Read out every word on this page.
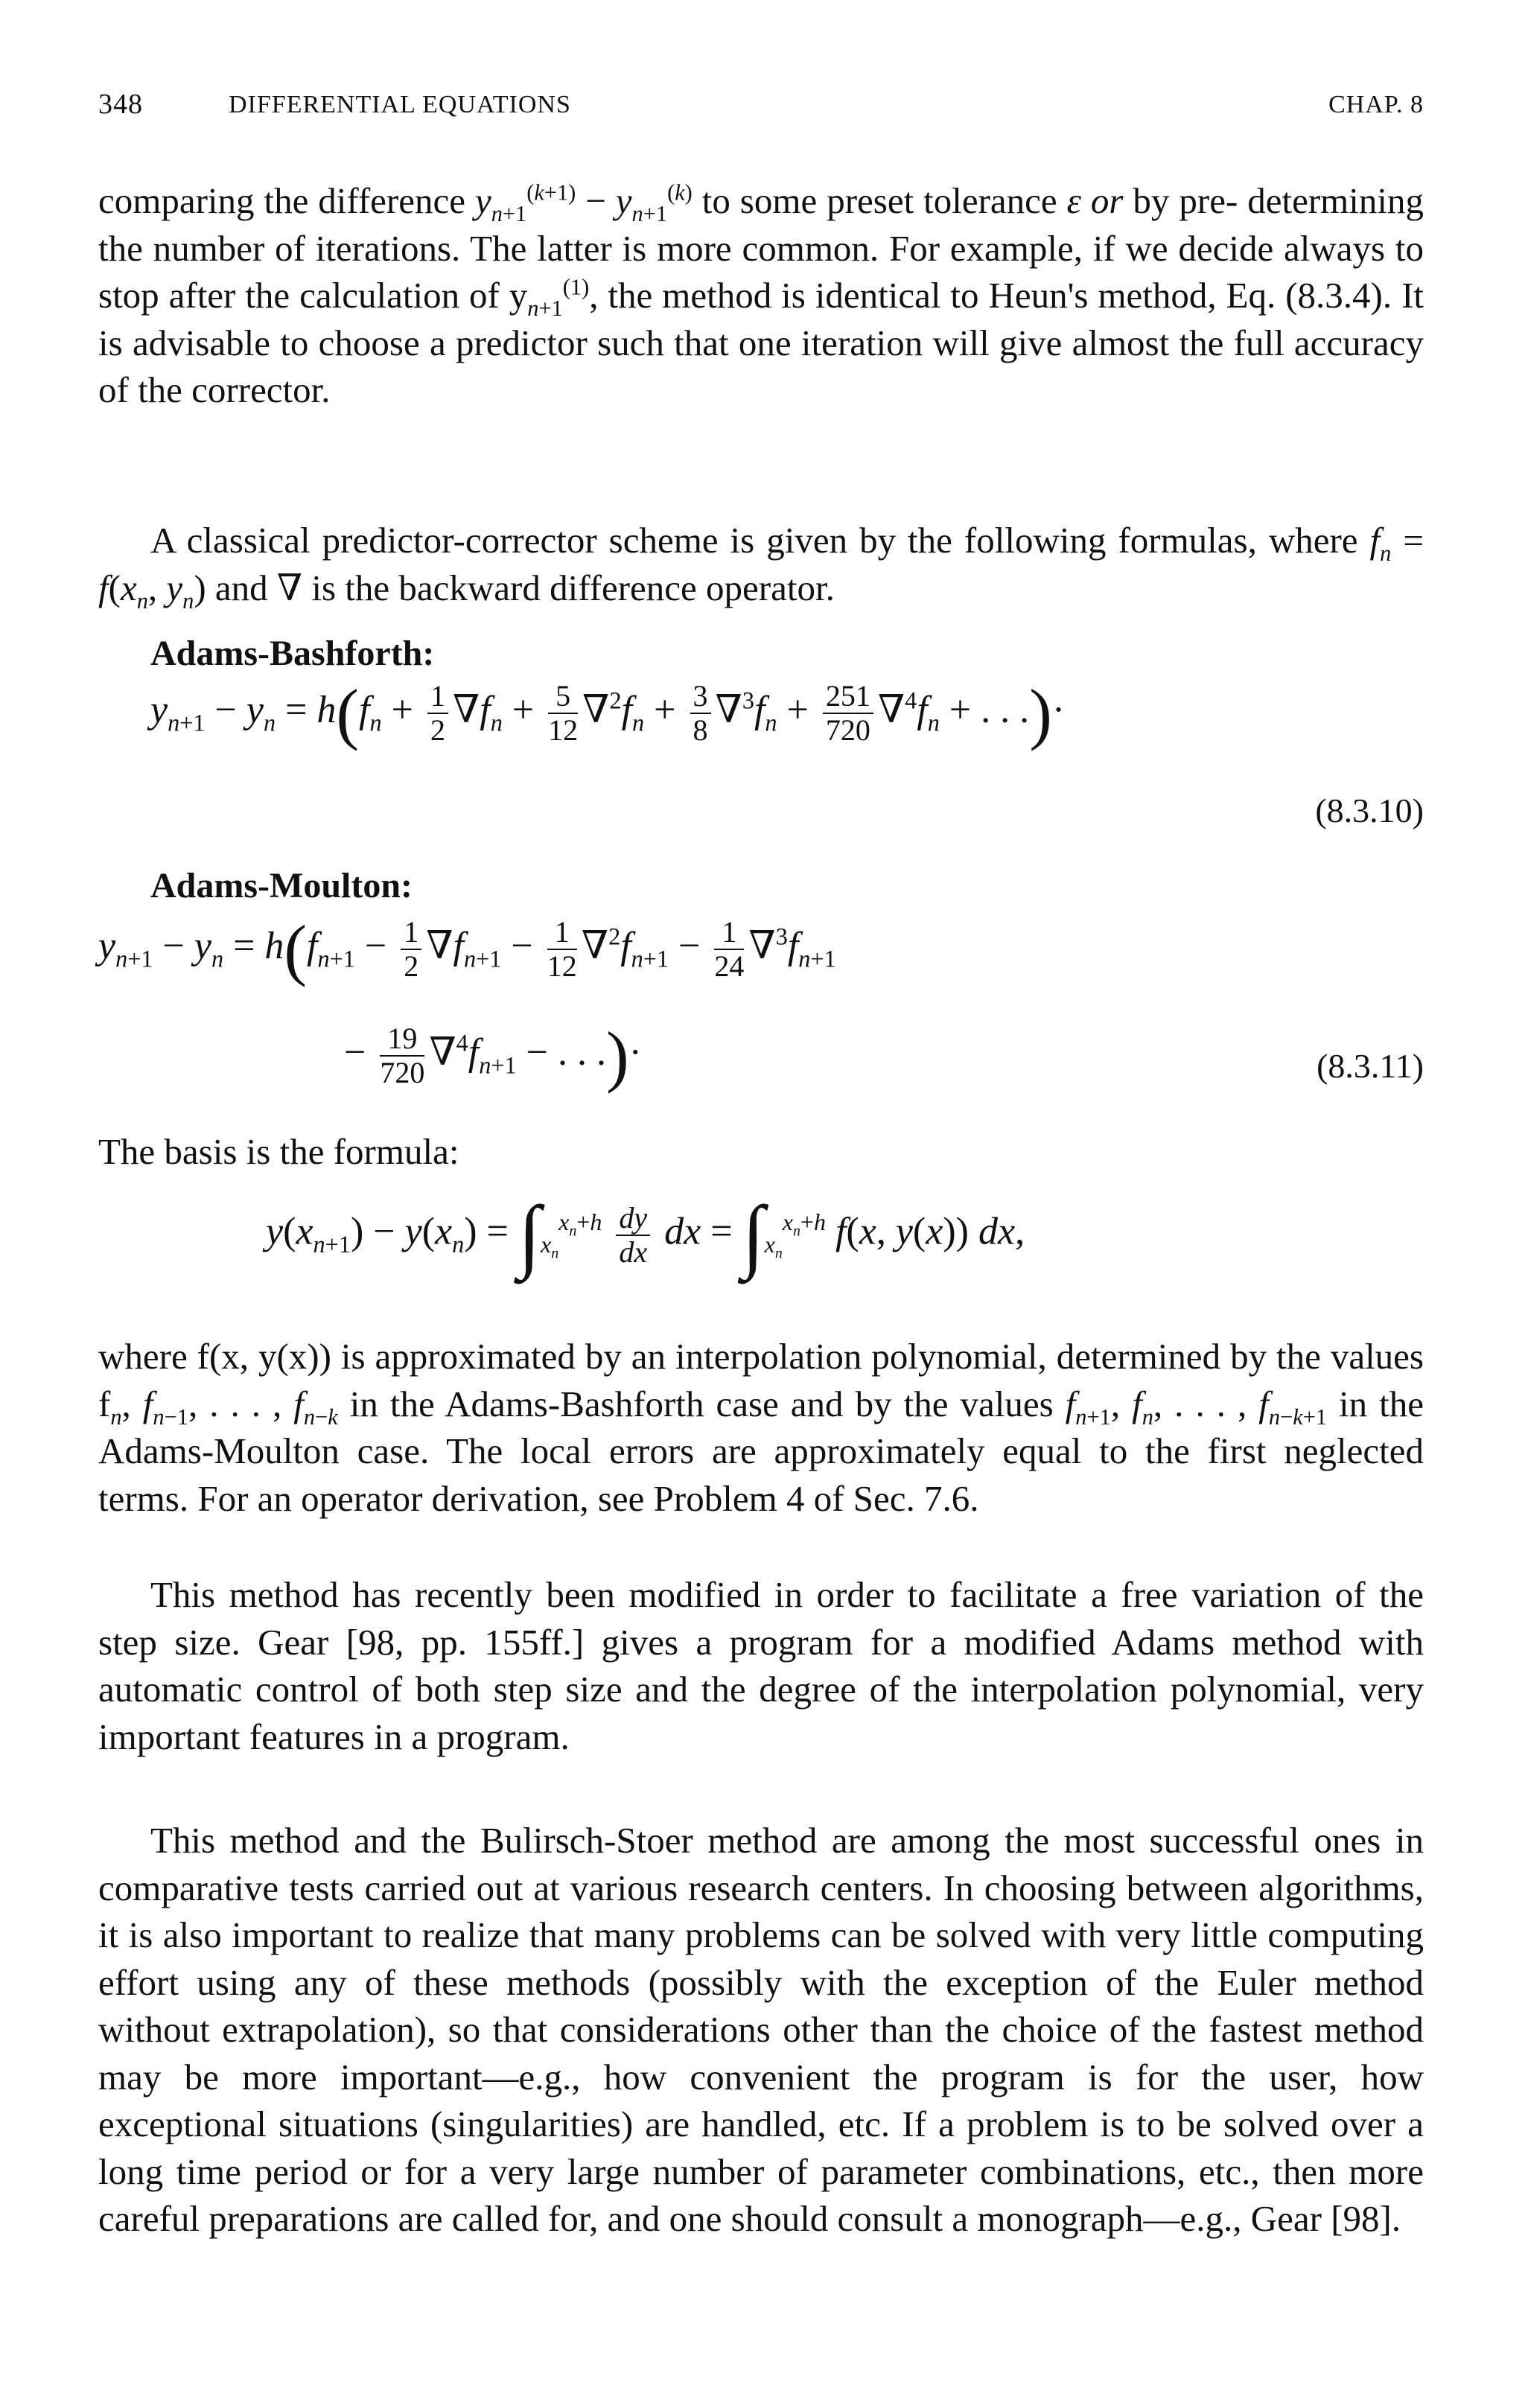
348	DIFFERENTIAL EQUATIONS	CHAP. 8
comparing the difference $y_{n+1}^{(k+1)} - y_{n+1}^{(k)}$ to some preset tolerance ε or by pre- determining the number of iterations. The latter is more common. For example, if we decide always to stop after the calculation of $y_{n+1}^{(1)}$, the method is identical to Heun's method, Eq. (8.3.4). It is advisable to choose a predictor such that one iteration will give almost the full accuracy of the corrector.
A classical predictor-corrector scheme is given by the following formulas, where $f_n = f(x_n$, $y_n$) and ∇ is the backward difference operator.
Adams-Bashforth:
$y_{n+1} - y_n = h(f_n + \frac{1}{2} \nabla f_n + \frac{5}{12} \nabla^2f_n + \frac{3}{8} \nabla^3f_n + \frac{251}{720} \nabla^4f_n$ + . . .)·
(8.3.10)
Adams-Moulton:
$y_{n+1} - y_n = h(f_{n+1} - \frac{1}{2} \nabla f_{n+1} - \frac{1}{12} \nabla^2f_{n+1} - \frac{1}{24} \nabla^3f_{n+1}$
− $\frac{19}{720} \nabla^4f_{n+1}$ − . . .)·	(8.3.11)
The basis is the formula:
$y(x_{n+1}) - y(x_n) = \int_{x_n}^{x_n+h} \frac{dy}{dx}$ dx = $\int_{x_n}^{x_n+h}$ f(x, y(x)) dx,
where f(x, y(x)) is approximated by an interpolation polynomial, determined by the values $f_n$, $f_{n-1}$, . . . , $f_{n-k}$ in the Adams-Bashforth case and by the values $f_{n+1}$, $f_n$, . . . , $f_{n-k+1}$ in the Adams-Moulton case. The local errors are approximately equal to the first neglected terms. For an operator derivation, see Problem 4 of Sec. 7.6.
This method has recently been modified in order to facilitate a free variation of the step size. Gear [98, pp. 155ff.] gives a program for a modified Adams method with automatic control of both step size and the degree of the interpolation polynomial, very important features in a program.
This method and the Bulirsch-Stoer method are among the most successful ones in comparative tests carried out at various research centers. In choosing between algorithms, it is also important to realize that many problems can be solved with very little computing effort using any of these methods (possibly with the exception of the Euler method without extrapolation), so that considerations other than the choice of the fastest method may be more important—e.g., how convenient the program is for the user, how exceptional situations (singularities) are handled, etc. If a problem is to be solved over a long time period or for a very large number of parameter combinations, etc., then more careful preparations are called for, and one should consult a monograph—e.g., Gear [98].
